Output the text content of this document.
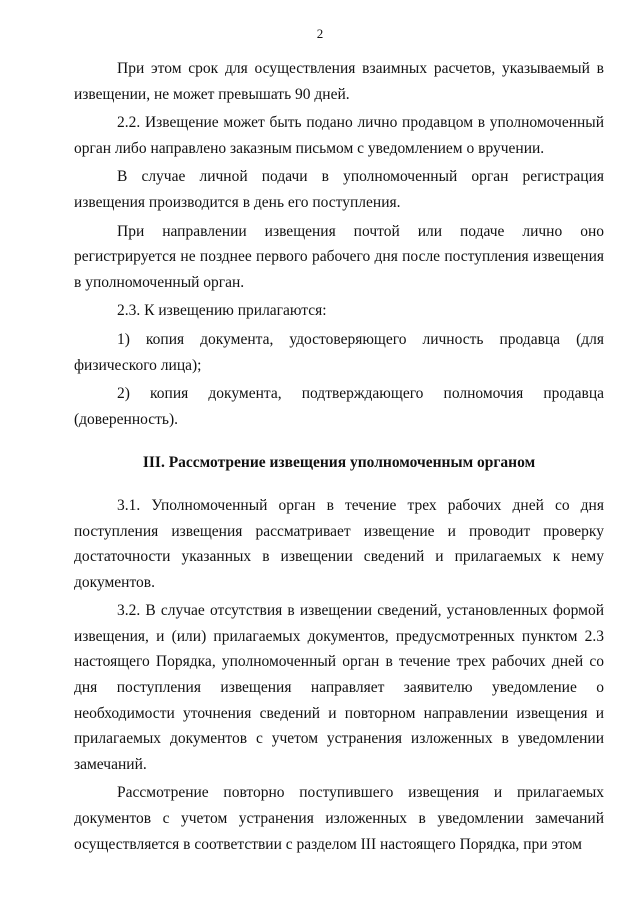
2

При этом срок для осуществления взаимных расчетов, указываемый в извещении, не может превышать 90 дней.

2.2. Извещение может быть подано лично продавцом в уполномоченный орган либо направлено заказным письмом с уведомлением о вручении.

В случае личной подачи в уполномоченный орган регистрация извещения производится в день его поступления.

При направлении извещения почтой или подаче лично оно регистрируется не позднее первого рабочего дня после поступления извещения в уполномоченный орган.

2.3. К извещению прилагаются:

1) копия документа, удостоверяющего личность продавца (для физического лица);

2) копия документа, подтверждающего полномочия продавца (доверенность).

III. Рассмотрение извещения уполномоченным органом

3.1. Уполномоченный орган в течение трех рабочих дней со дня поступления извещения рассматривает извещение и проводит проверку достаточности указанных в извещении сведений и прилагаемых к нему документов.

3.2. В случае отсутствия в извещении сведений, установленных формой извещения, и (или) прилагаемых документов, предусмотренных пунктом 2.3 настоящего Порядка, уполномоченный орган в течение трех рабочих дней со дня поступления извещения направляет заявителю уведомление о необходимости уточнения сведений и повторном направлении извещения и прилагаемых документов с учетом устранения изложенных в уведомлении замечаний.

Рассмотрение повторно поступившего извещения и прилагаемых документов с учетом устранения изложенных в уведомлении замечаний осуществляется в соответствии с разделом III настоящего Порядка, при этом
